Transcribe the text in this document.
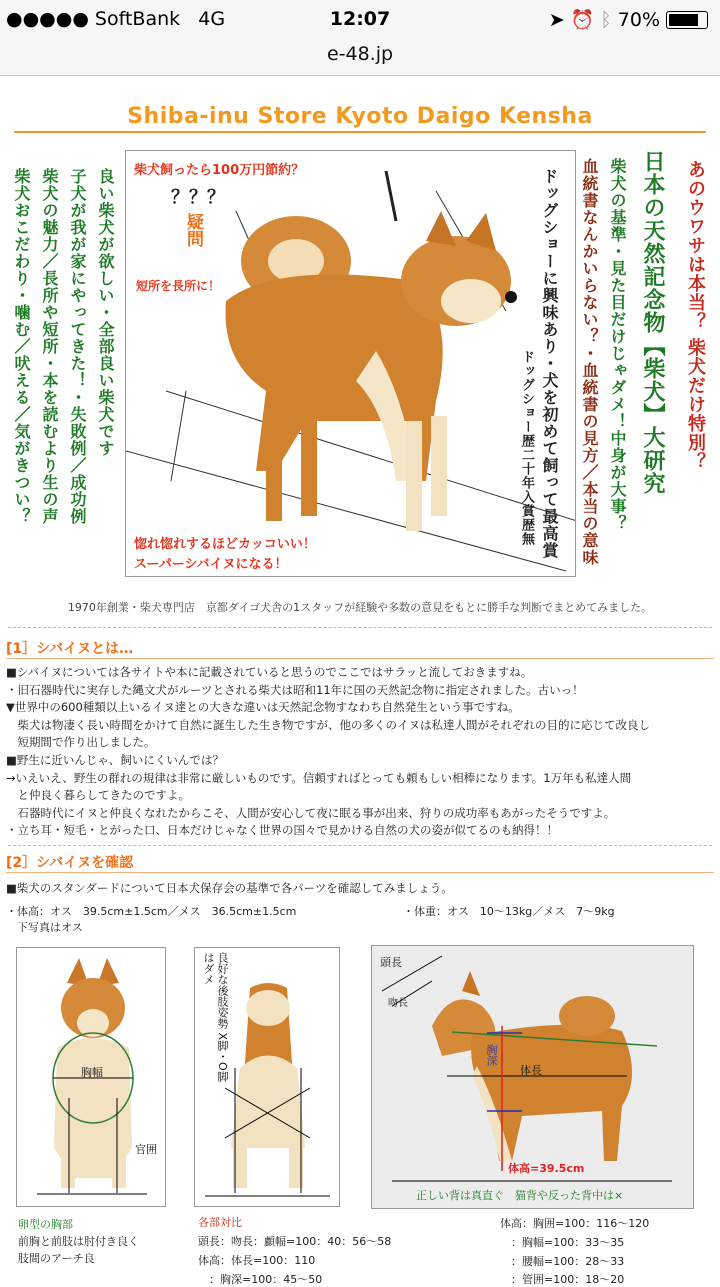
●●●●● SoftBank 4G	12:07	➤ ⏰ ᛒ 70%
e-48.jp
Shiba-inu Store Kyoto Daigo Kensha
柴犬おこだわり・噛む／吠える／気がきつい？ 柴犬の魅力／長所や短所・本を読むより生の声 子犬が我が家にやってきた！・失敗例／成功例 良い柴犬が欲しい・全部良い柴犬です 柴犬飼ったら100万円節約？
？？？
疑問
短所を長所に！
惚れ惚れするほどカッコいい！
スーパーシバイヌになる！
ドッグショーに興味あり・犬を初めて飼って最高賞
ドッグショー歴二十年入賞歴無	血統書なんかいらない？・血統書の見方／本当の意味 柴犬の基準・見た目だけじゃダメ！中身が大事？ 日本の天然記念物【柴犬】大研究 あのウワサは本当？ 柴犬だけ特別？
1970年創業・柴犬専門店　京都ダイゴ犬舎の1スタッフが経験や多数の意見をもとに勝手な判断でまとめてみました。
[1］シバイヌとは…

■シバイヌについては各サイトや本に記載されていると思うのでここではサラッと流しておきますね。

・旧石器時代に実存した縄文犬がルーツとされる柴犬は昭和11年に国の天然記念物に指定されました。古いっ！

▼世界中の600種類以上いるイヌ達との大きな違いは天然記念物すなわち自然発生という事ですね。

　柴犬は物凄く長い時間をかけて自然に誕生した生き物ですが、他の多くのイヌは私達人間がそれぞれの目的に応じて改良し

　短期間で作り出しました。

■野生に近いんじゃ、飼いにくいんでは？

→いえいえ、野生の群れの規律は非常に厳しいものです。信頼すればとっても頼もしい相棒になります。1万年も私達人間

　と仲良く暮らしてきたのですよ。

　石器時代にイヌと仲良くなれたからこそ、人間が安心して夜に眠る事が出来、狩りの成功率もあがったそうですよ。

・立ち耳・短毛・とがった口、日本だけじゃなく世界の国々で見かける自然の犬の姿が似てるのも納得！！

[2］シバイヌを確認
■柴犬のスタンダードについて日本犬保存会の基準で各パーツを確認してみましょう。
・体高：オス　39.5cm±1.5cm／メス　36.5cm±1.5cm	・体重：オス　10〜13kg／メス　7〜9kg
　下写真はオス
胸幅
官囲
良好な後肢姿勢 X脚・O脚はダメ	頭長
吻長
胸深
体長
体高=39.5cm
正しい背は真直ぐ　猫背や反った背中は×
卵型の胸部
前胸と前肢は肘付き良く
肢間のアーチ良
各部対比
頭長：吻長：顱幅=100：40：56〜58
体高：体長=100：110
　：胸深=100：45〜50
体高：胸囲=100：116〜120
　：胸幅=100：33〜35
　：腰幅=100：28〜33
　：管囲=100：18〜20
